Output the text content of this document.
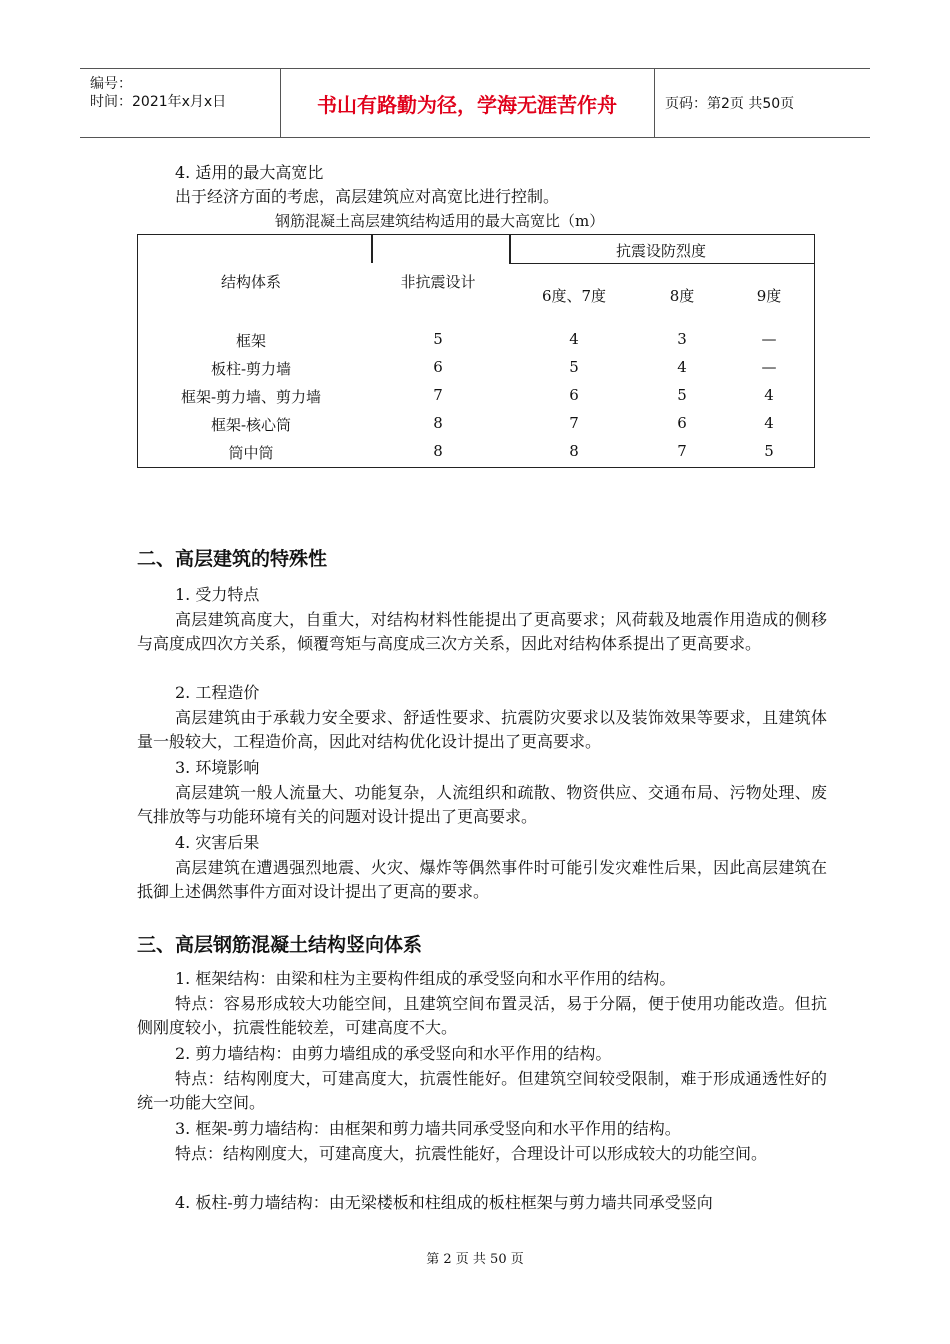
编号：
时间：2021年x月x日	书山有路勤为径，学海无涯苦作舟	页码：第2页 共50页
4. 适用的最大高宽比
出于经济方面的考虑，高层建筑应对高宽比进行控制。
钢筋混凝土高层建筑结构适用的最大高宽比（m）
结构体系	非抗震设计
抗震设防烈度
6度、7度	8度	9度
框架	5	4	3	—
板柱-剪力墙	6	5	4	—
框架-剪力墙、剪力墙	7	6	5	4
框架-核心筒	8	7	6	4
筒中筒	8	8	7	5
二、高层建筑的特殊性
1. 受力特点
高层建筑高度大，自重大，对结构材料性能提出了更高要求；风荷载及地震作用造成的侧移与高度成四次方关系，倾覆弯矩与高度成三次方关系，因此对结构体系提出了更高要求。
2. 工程造价
高层建筑由于承载力安全要求、舒适性要求、抗震防灾要求以及装饰效果等要求，且建筑体量一般较大，工程造价高，因此对结构优化设计提出了更高要求。
3. 环境影响
高层建筑一般人流量大、功能复杂，人流组织和疏散、物资供应、交通布局、污物处理、废气排放等与功能环境有关的问题对设计提出了更高要求。
4. 灾害后果
高层建筑在遭遇强烈地震、火灾、爆炸等偶然事件时可能引发灾难性后果，因此高层建筑在抵御上述偶然事件方面对设计提出了更高的要求。
三、高层钢筋混凝土结构竖向体系
1. 框架结构：由梁和柱为主要构件组成的承受竖向和水平作用的结构。
特点：容易形成较大功能空间，且建筑空间布置灵活，易于分隔，便于使用功能改造。但抗侧刚度较小，抗震性能较差，可建高度不大。
2. 剪力墙结构：由剪力墙组成的承受竖向和水平作用的结构。
特点：结构刚度大，可建高度大，抗震性能好。但建筑空间较受限制，难于形成通透性好的统一功能大空间。
3. 框架-剪力墙结构：由框架和剪力墙共同承受竖向和水平作用的结构。
特点：结构刚度大，可建高度大，抗震性能好，合理设计可以形成较大的功能空间。
4. 板柱-剪力墙结构：由无梁楼板和柱组成的板柱框架与剪力墙共同承受竖向
第 2 页 共 50 页
